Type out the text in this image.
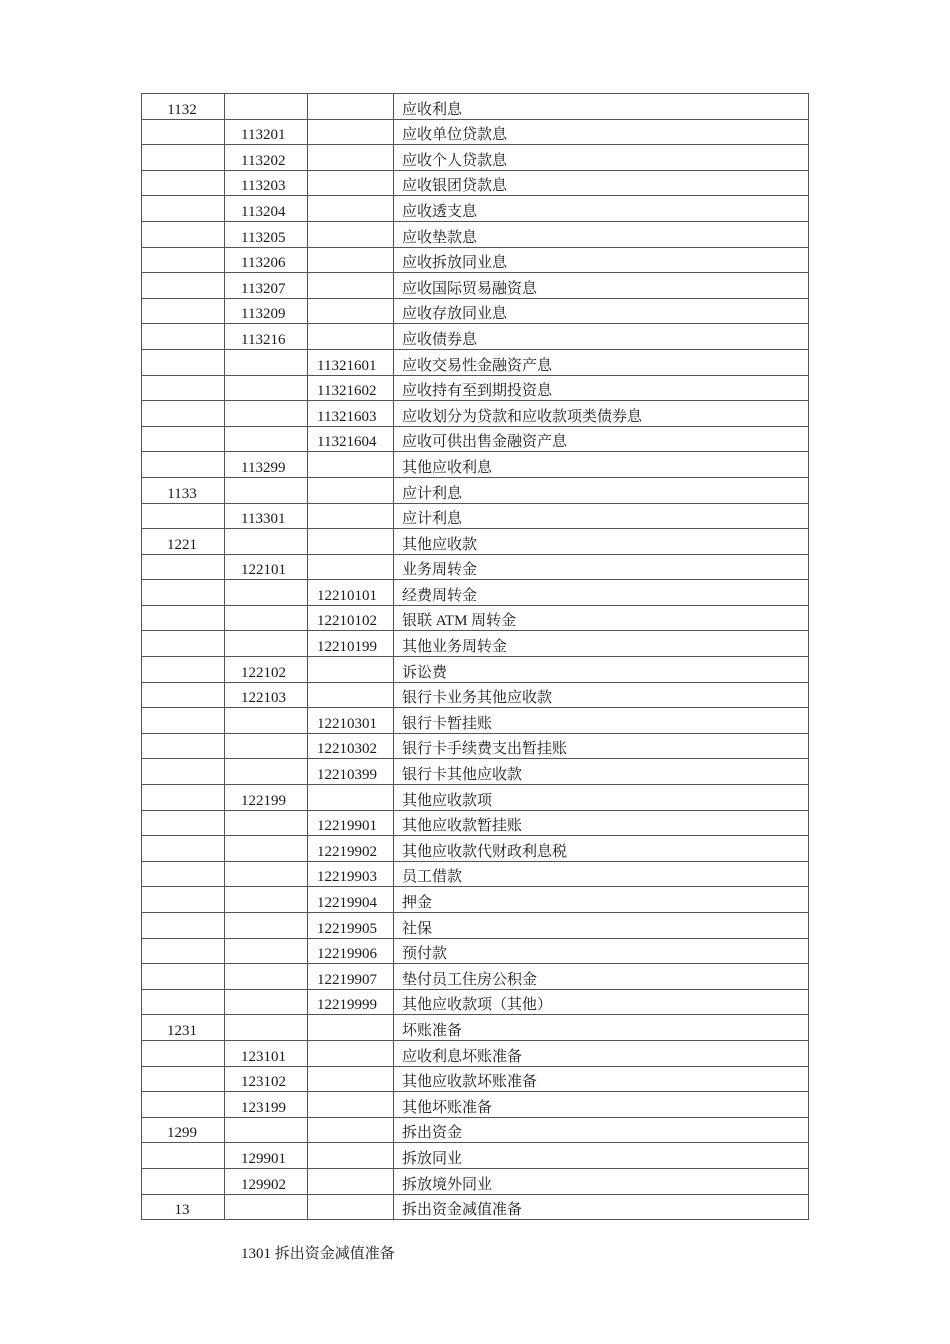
1132			应收利息
	113201		应收单位贷款息
	113202		应收个人贷款息
	113203		应收银团贷款息
	113204		应收透支息
	113205		应收垫款息
	113206		应收拆放同业息
	113207		应收国际贸易融资息
	113209		应收存放同业息
	113216		应收债券息
		11321601	应收交易性金融资产息
		11321602	应收持有至到期投资息
		11321603	应收划分为贷款和应收款项类债券息
		11321604	应收可供出售金融资产息
	113299		其他应收利息
1133			应计利息
	113301		应计利息
1221			其他应收款
	122101		业务周转金
		12210101	经费周转金
		12210102	银联 ATM 周转金
		12210199	其他业务周转金
	122102		诉讼费
	122103		银行卡业务其他应收款
		12210301	银行卡暂挂账
		12210302	银行卡手续费支出暂挂账
		12210399	银行卡其他应收款
	122199		其他应收款项
		12219901	其他应收款暂挂账
		12219902	其他应收款代财政利息税
		12219903	员工借款
		12219904	押金
		12219905	社保
		12219906	预付款
		12219907	垫付员工住房公积金
		12219999	其他应收款项（其他）
1231			坏账准备
	123101		应收利息坏账准备
	123102		其他应收款坏账准备
	123199		其他坏账准备
1299			拆出资金
	129901		拆放同业
	129902		拆放境外同业
13			拆出资金减值准备
1301 拆出资金减值准备
